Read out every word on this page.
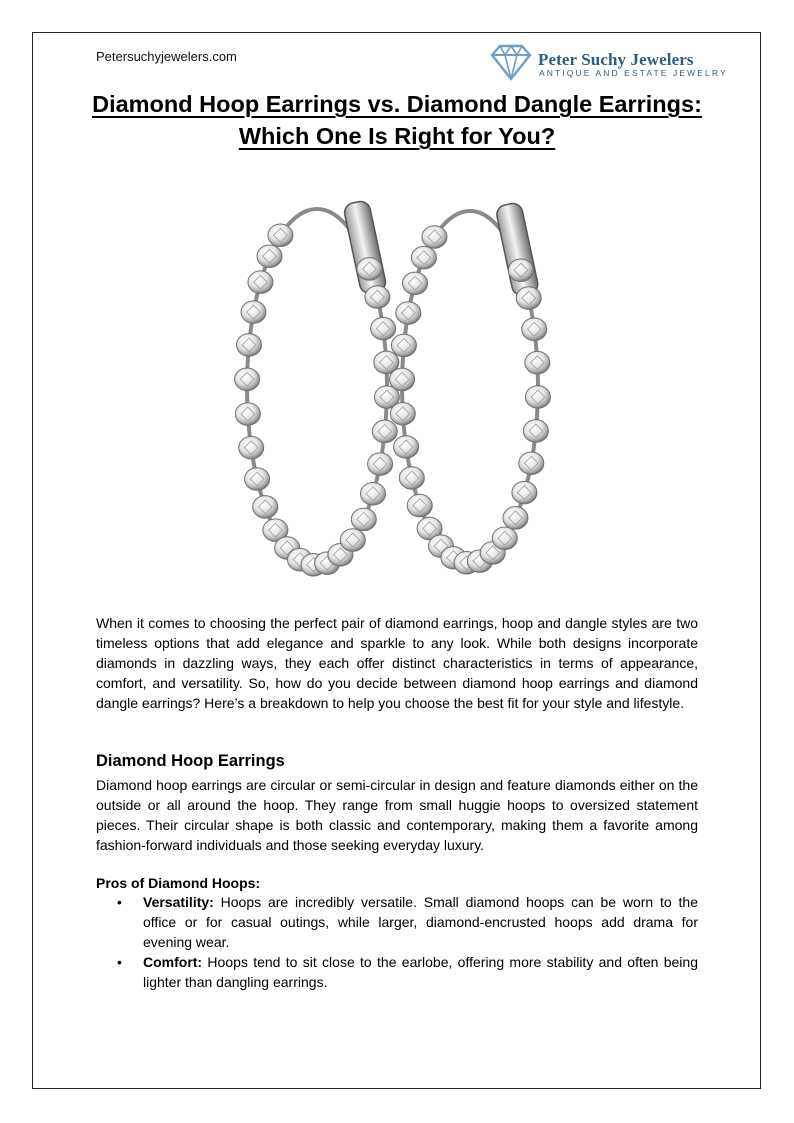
Petersuchyjewelers.com	Peter Suchy Jewelers
ANTIQUE AND ESTATE JEWELRY
Diamond Hoop Earrings vs. Diamond Dangle Earrings:
Which One Is Right for You?

When it comes to choosing the perfect pair of diamond earrings, hoop and dangle styles are two timeless options that add elegance and sparkle to any look. While both designs incorporate diamonds in dazzling ways, they each offer distinct characteristics in terms of appearance, comfort, and versatility. So, how do you decide between diamond hoop earrings and diamond dangle earrings? Here’s a breakdown to help you choose the best fit for your style and lifestyle.

Diamond Hoop Earrings

Diamond hoop earrings are circular or semi-circular in design and feature diamonds either on the outside or all around the hoop. They range from small huggie hoops to oversized statement pieces. Their circular shape is both classic and contemporary, making them a favorite among fashion-forward individuals and those seeking everyday luxury.

Pros of Diamond Hoops:
• Versatility: Hoops are incredibly versatile. Small diamond hoops can be worn to the office or for casual outings, while larger, diamond-encrusted hoops add drama for evening wear.
• Comfort: Hoops tend to sit close to the earlobe, offering more stability and often being lighter than dangling earrings.
